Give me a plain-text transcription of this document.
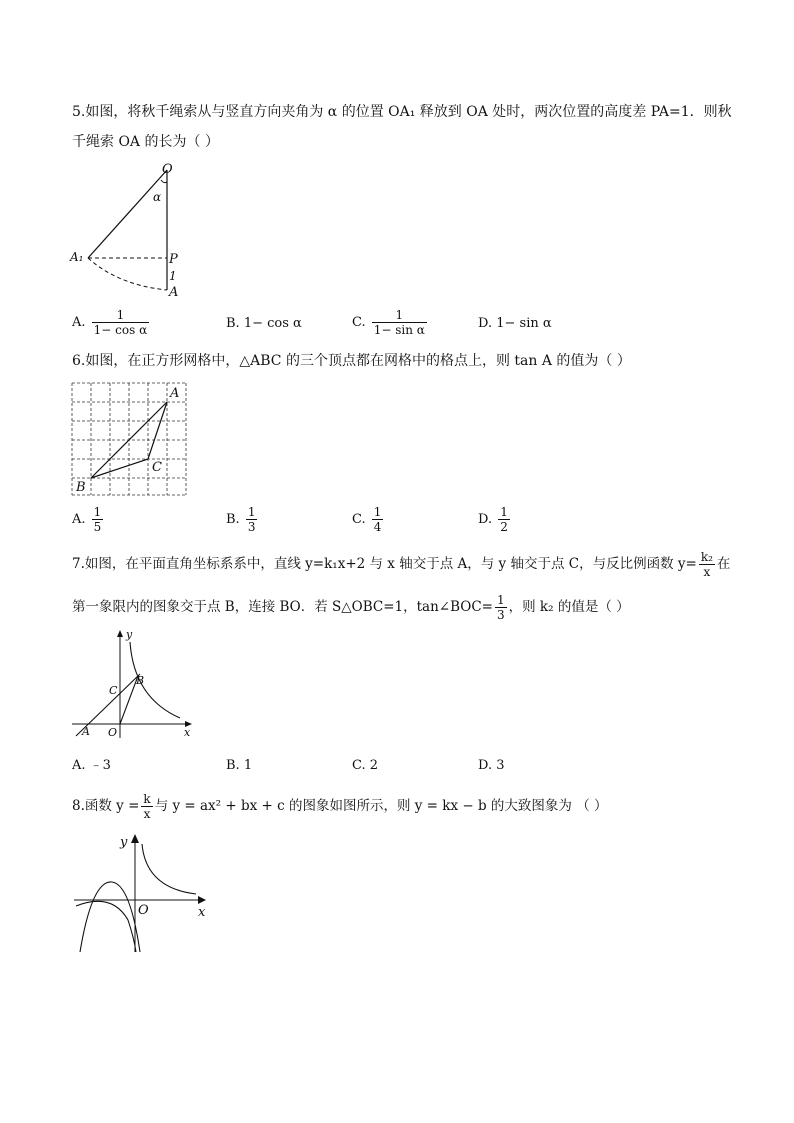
5.如图，将秋千绳索从与竖直方向夹角为 α 的位置 OA₁ 释放到 OA 处时，两次位置的高度差 PA=1．则秋
千绳索 OA 的长为（ ）
O
α
A₁	P
1
A
A. $\frac{1}{\text{1− cos α}}$	B. 1− cos α	C. $\frac{1}{\text{1− sin α}}$	D. 1− sin α
6.如图，在正方形网格中，△ABC 的三个顶点都在网格中的格点上，则 tan A 的值为（ ）
A
B
C
A. $\frac{1}{5}$	B. $\frac{1}{3}$	C. $\frac{1}{4}$	D. $\frac{1}{2}$
7.如图，在平面直角坐标系系中，直线 y=k₁x+2 与 x 轴交于点 A，与 y 轴交于点 C，与反比例函数 $y= \frac{\text{k₂}}{x}$ 在
第一象限内的图象交于点 B，连接 BO．若 S△OBC=1，tan∠BOC= $\frac{1}{3}$ ，则 k₂ 的值是（ ）
y
x
O
A
C
B
A. ﹣3	B. 1	C. 2	D. 3
8.函数 $y = \frac{k}{x}$ 与 y = ax² + bx + c 的图象如图所示，则 y = kx − b 的大致图象为 （ ）
y
x
O
